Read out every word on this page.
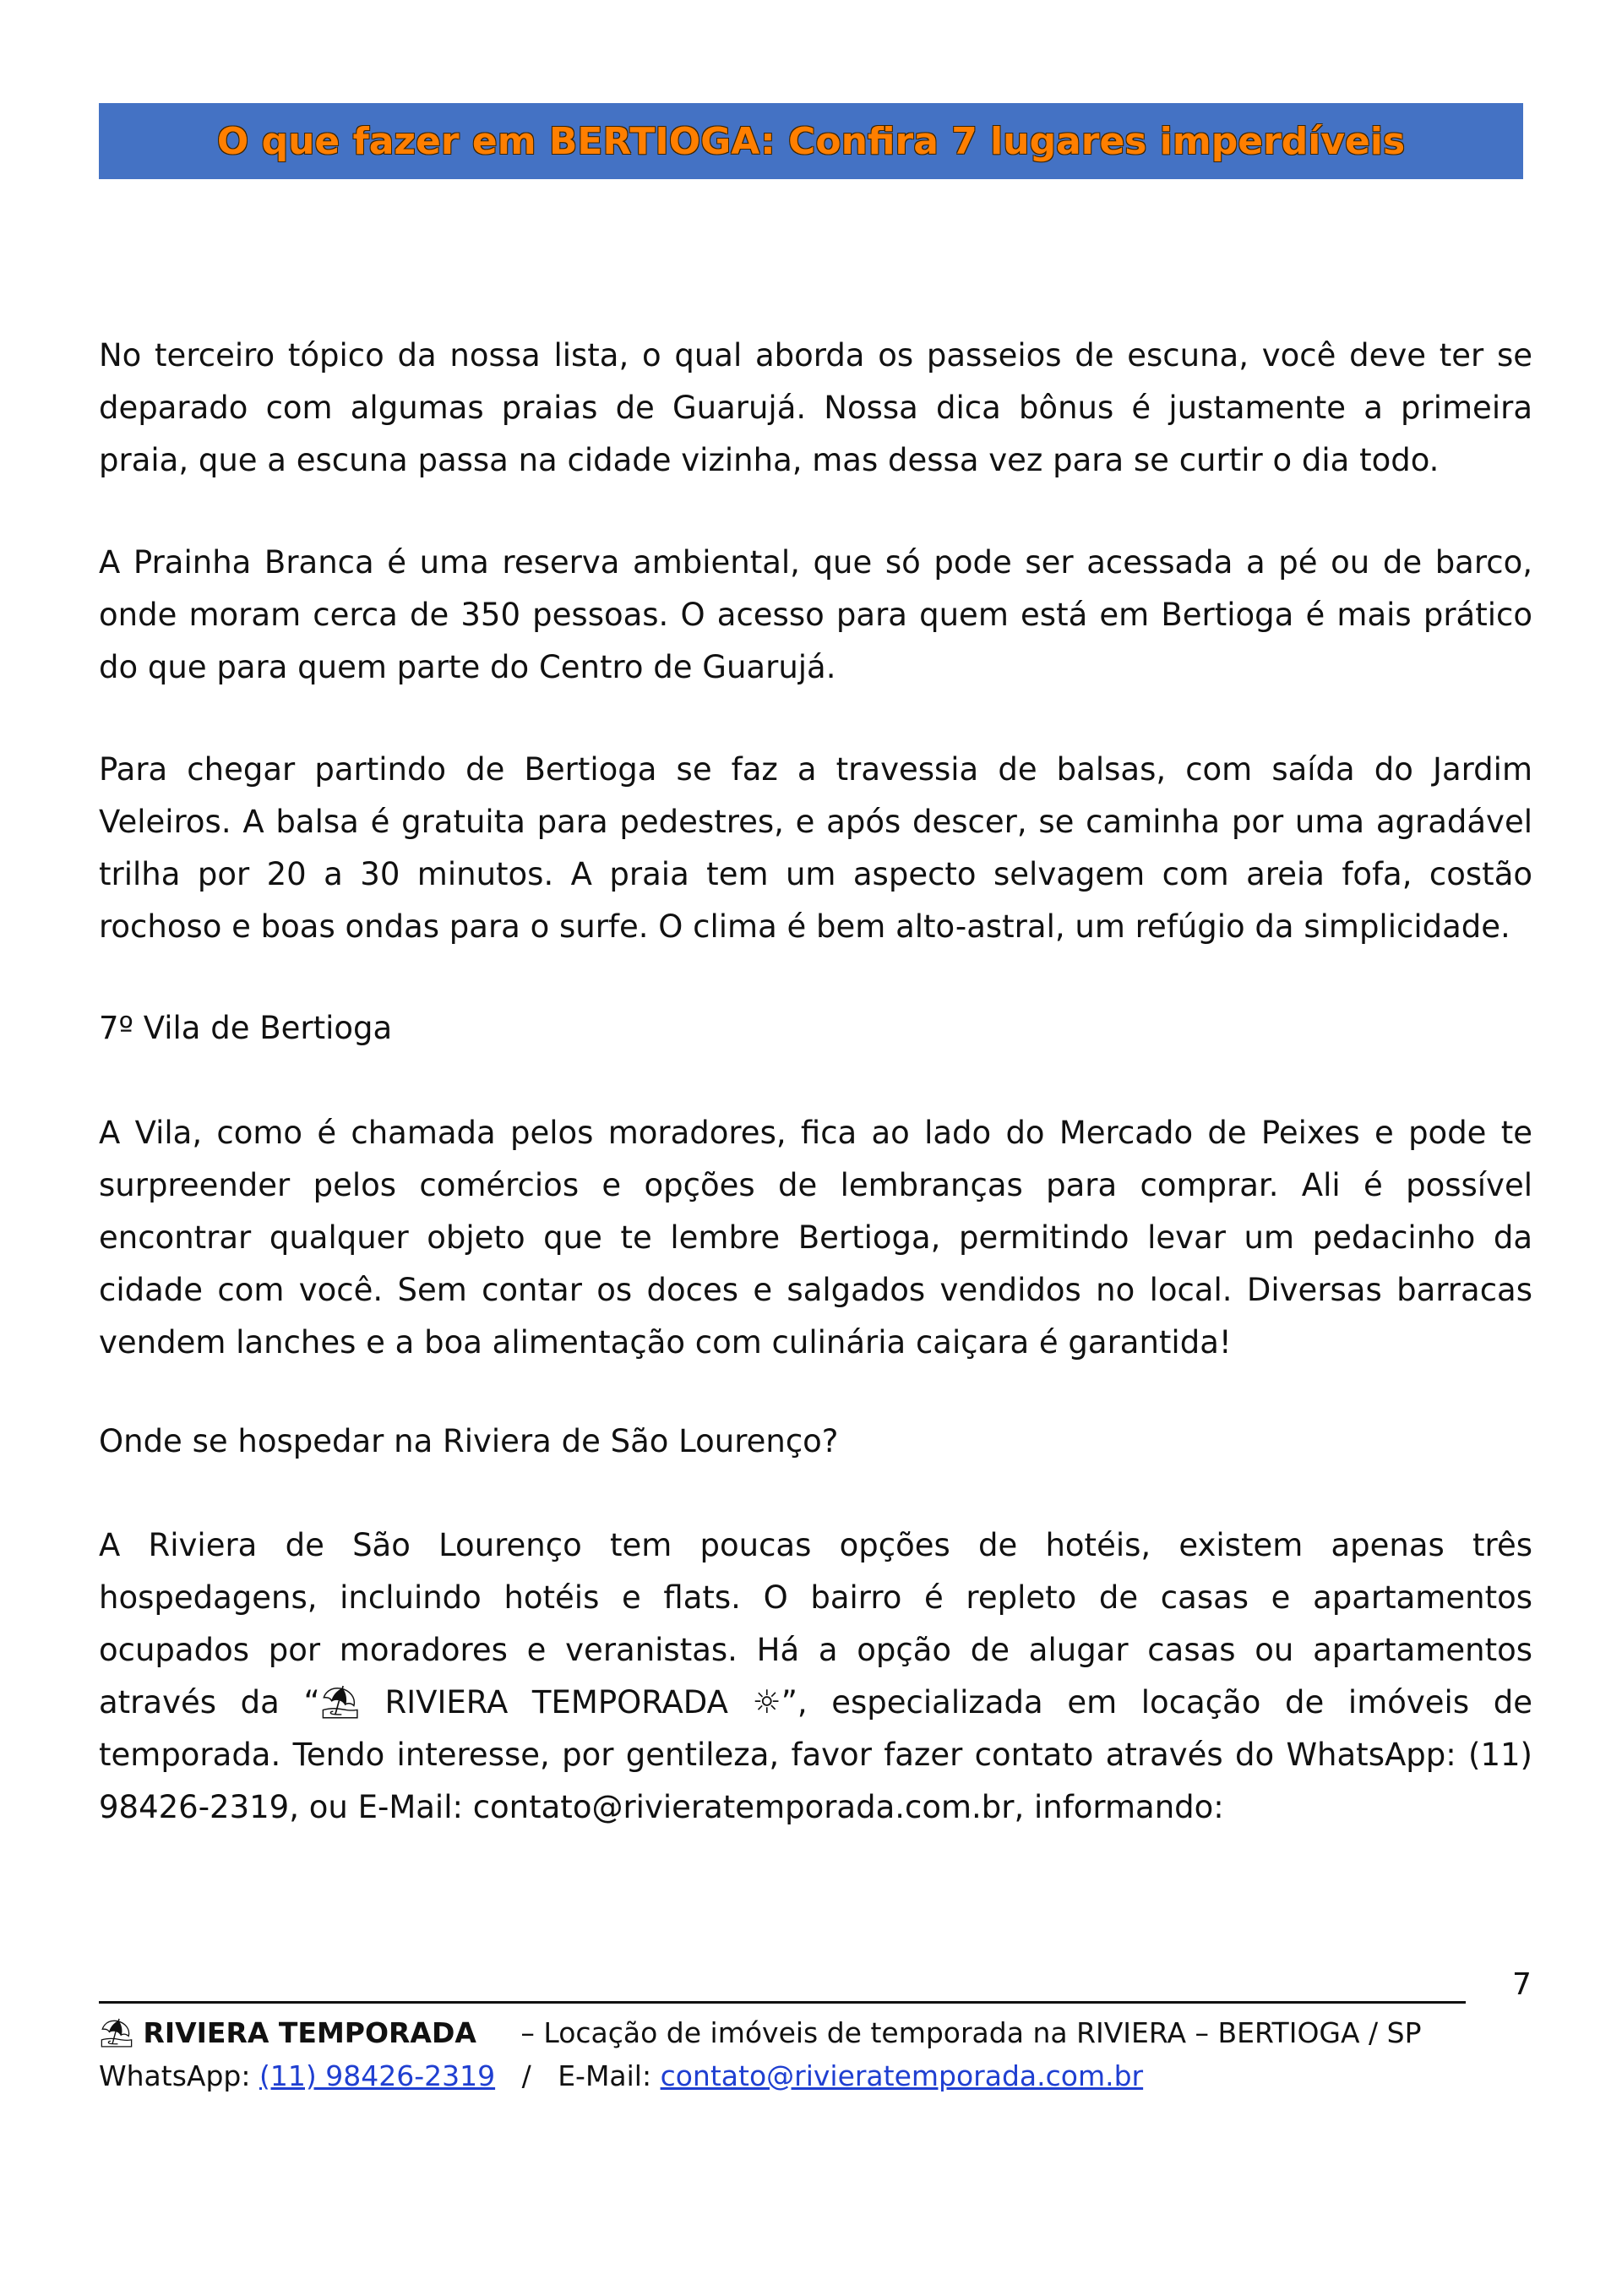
O que fazer em BERTIOGA: Confira 7 lugares imperdíveis

No terceiro tópico da nossa lista, o qual aborda os passeios de escuna, você deve ter se deparado com algumas praias de Guarujá. Nossa dica bônus é justamente a primeira praia, que a escuna passa na cidade vizinha, mas dessa vez para se curtir o dia todo.

A Prainha Branca é uma reserva ambiental, que só pode ser acessada a pé ou de barco, onde moram cerca de 350 pessoas. O acesso para quem está em Bertioga é mais prático do que para quem parte do Centro de Guarujá.

Para chegar partindo de Bertioga se faz a travessia de balsas, com saída do Jardim Veleiros. A balsa é gratuita para pedestres, e após descer, se caminha por uma agradável trilha por 20 a 30 minutos. A praia tem um aspecto selvagem com areia fofa, costão rochoso e boas ondas para o surfe. O clima é bem alto-astral, um refúgio da simplicidade.

7º Vila de Bertioga

A Vila, como é chamada pelos moradores, fica ao lado do Mercado de Peixes e pode te surpreender pelos comércios e opções de lembranças para comprar. Ali é possível encontrar qualquer objeto que te lembre Bertioga, permitindo levar um pedacinho da cidade com você. Sem contar os doces e salgados vendidos no local. Diversas barracas vendem lanches e a boa alimentação com culinária caiçara é garantida!

Onde se hospedar na Riviera de São Lourenço?

A Riviera de São Lourenço tem poucas opções de hotéis, existem apenas três hospedagens, incluindo hotéis e flats. O bairro é repleto de casas e apartamentos ocupados por moradores e veranistas. Há a opção de alugar casas ou apartamentos através da “⛱ RIVIERA TEMPORADA ☼”, especializada em locação de imóveis de temporada. Tendo interesse, por gentileza, favor fazer contato através do WhatsApp: (11) 98426-2319, ou E-Mail: contato@rivieratemporada.com.br, informando:

7
⛱ RIVIERA TEMPORADA – Locação de imóveis de temporada na RIVIERA – BERTIOGA / SP
WhatsApp: (11) 98426-2319 / E-Mail: contato@rivieratemporada.com.br
